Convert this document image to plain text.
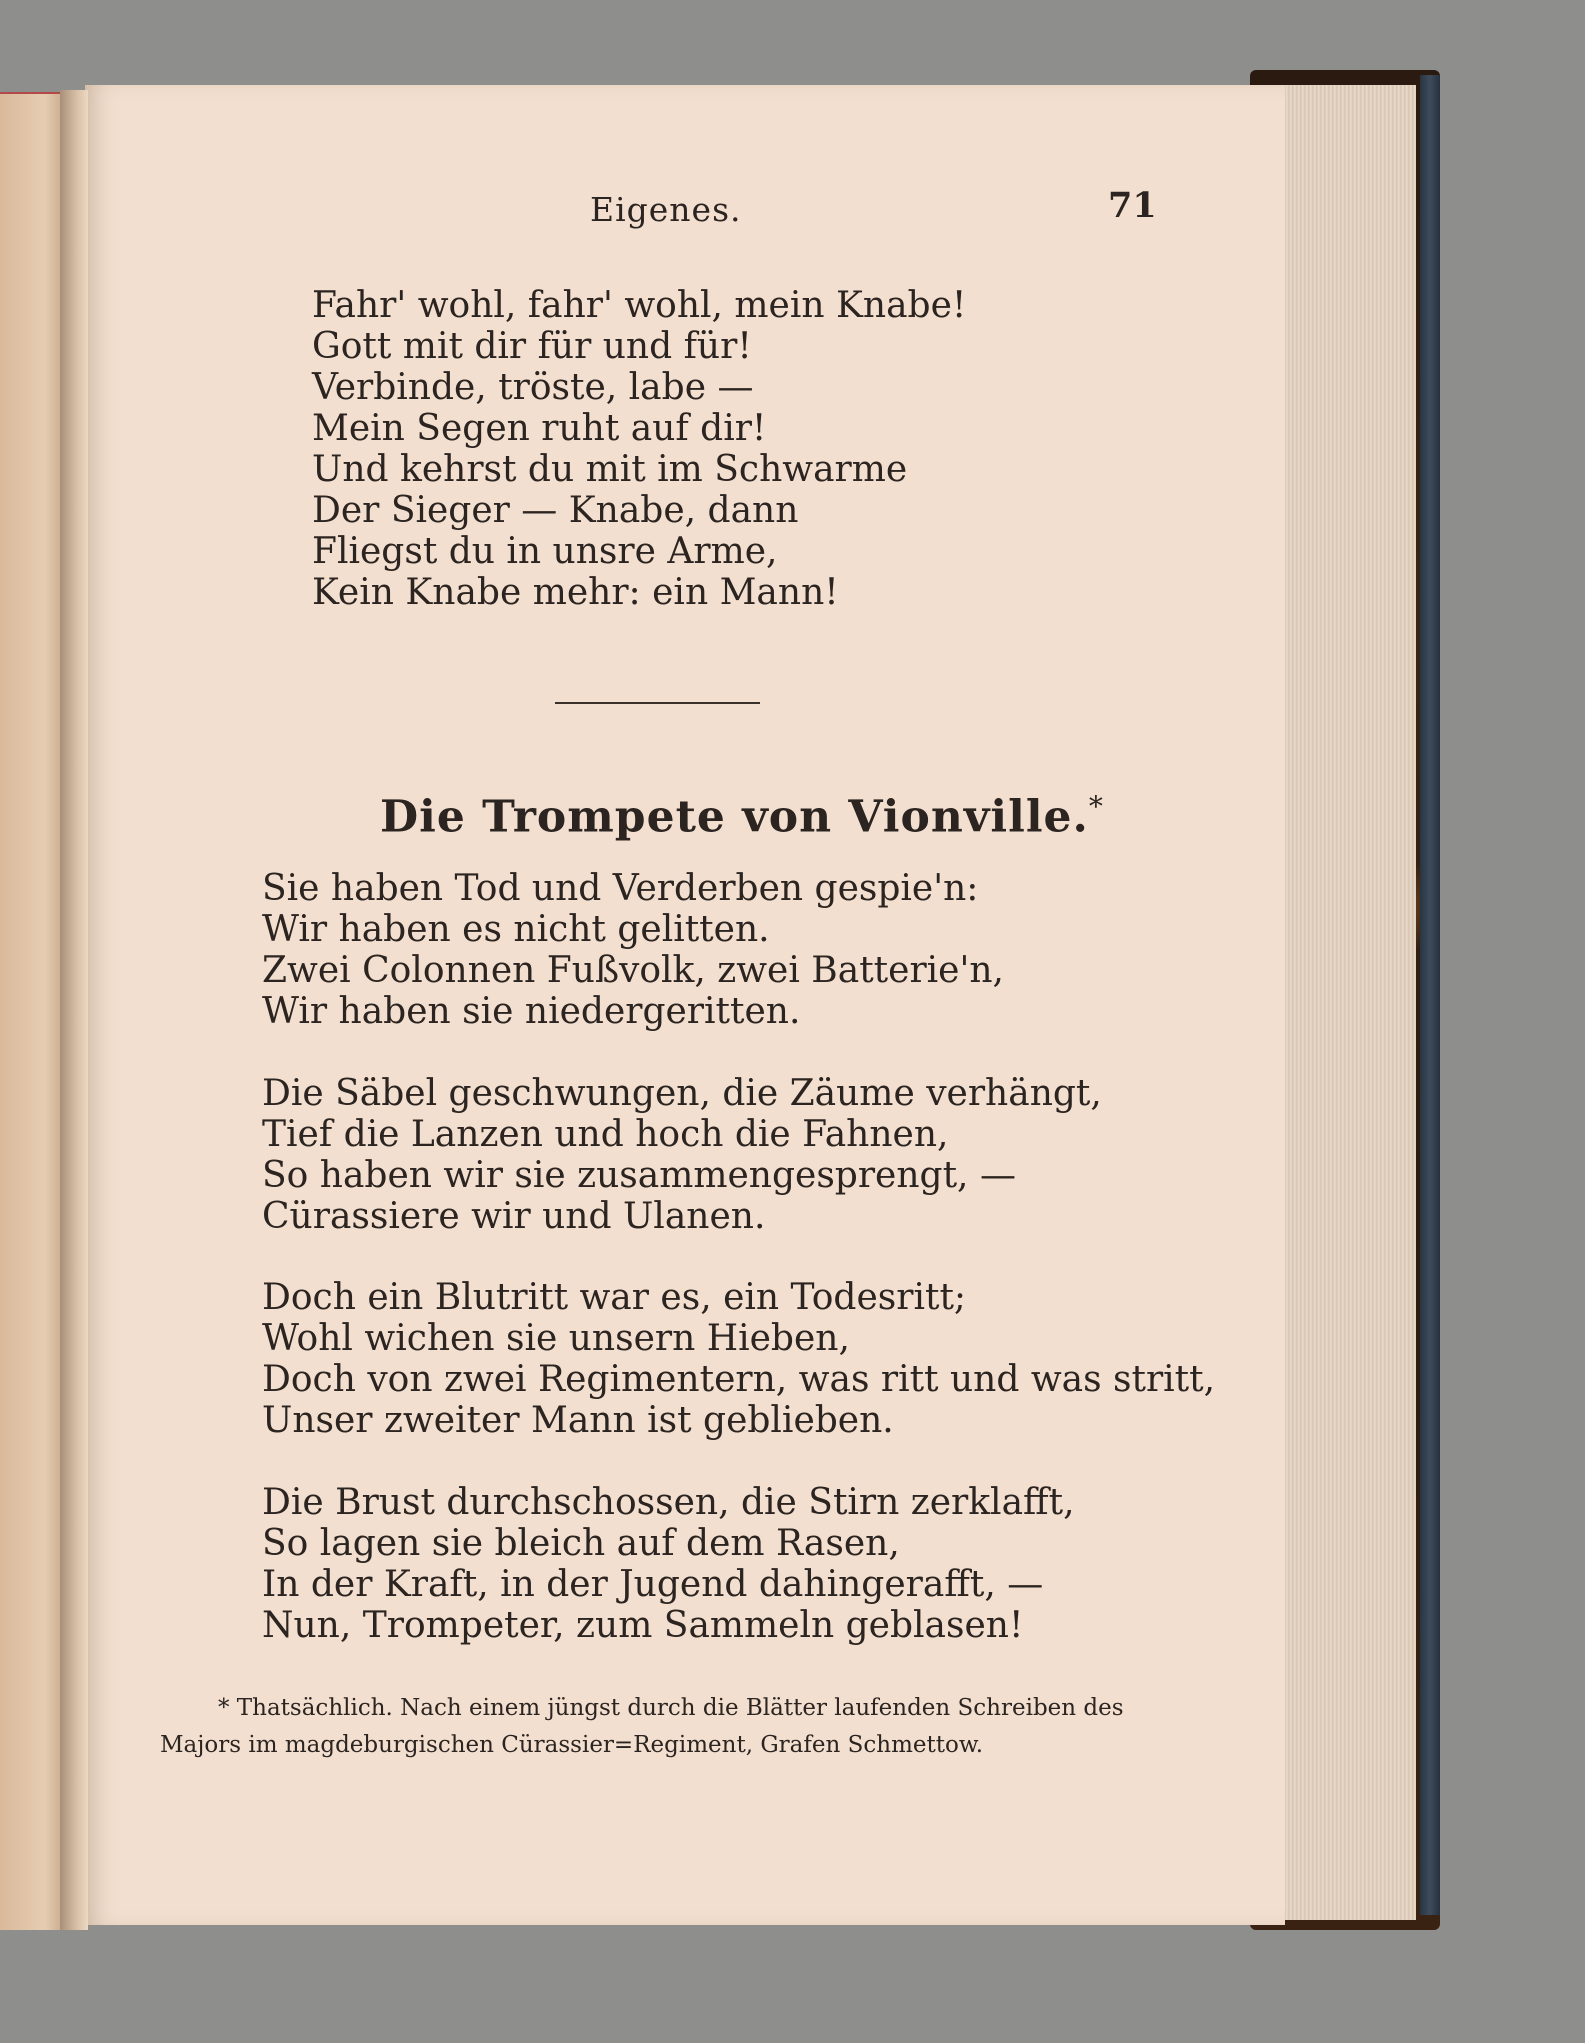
Eigenes.	71
Fahr' wohl, fahr' wohl, mein Knabe!
Gott mit dir für und für!
Verbinde, tröste, labe —
Mein Segen ruht auf dir!
Und kehrst du mit im Schwarme
Der Sieger — Knabe, dann
Fliegst du in unsre Arme,
Kein Knabe mehr: ein Mann!
Die Trompete von Vionville.*
Sie haben Tod und Verderben gespie'n:
Wir haben es nicht gelitten.
Zwei Colonnen Fußvolk, zwei Batterie'n,
Wir haben sie niedergeritten.
Die Säbel geschwungen, die Zäume verhängt,
Tief die Lanzen und hoch die Fahnen,
So haben wir sie zusammengesprengt, —
Cürassiere wir und Ulanen.
Doch ein Blutritt war es, ein Todesritt;
Wohl wichen sie unsern Hieben,
Doch von zwei Regimentern, was ritt und was stritt,
Unser zweiter Mann ist geblieben.
Die Brust durchschossen, die Stirn zerklafft,
So lagen sie bleich auf dem Rasen,
In der Kraft, in der Jugend dahingerafft, —
Nun, Trompeter, zum Sammeln geblasen!
* Thatsächlich. Nach einem jüngst durch die Blätter laufenden Schreiben des
Majors im magdeburgischen Cürassier=Regiment, Grafen Schmettow.
